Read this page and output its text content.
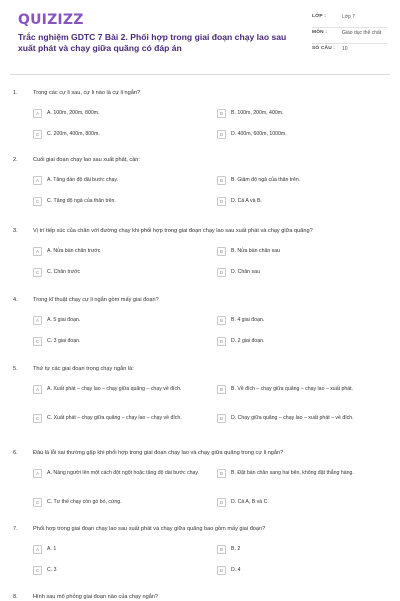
QUIZIZZ
Trắc nghiệm GDTC 7 Bài 2. Phối hợp trong giai đoạn chạy lao sau xuất phát và chạy giữa quãng có đáp án
LỚP :	Lớp 7
MÔN :	Giáo dục thể chất
SỐ CÂU :	10
1.	Trong các cự li sau, cự li nào là cự li ngắn?
A	A. 100m, 200m, 800m.	B	B. 100m, 200m, 400m.
C	C. 200m, 400m, 800m.	D	D. 400m, 600m, 1000m.
2.	Cuối giai đoạn chạy lao sau xuất phát, cần:
A	A. Tăng dần độ dài bước chạy.	B	B. Giảm độ ngả của thân trên.
C	C. Tăng độ ngả của thân trên.	D	D. Cả A và B.
3.	Vị trí tiếp xúc của chân với đường chạy khi phối hợp trong giai đoạn chạy lao sau xuất phát và chạy giữa quãng?
A	A. Nửa bàn chân trước	B	B. Nửa bàn chân sau
C	C. Chân trước	D	D. Chân sau
4.	Trong kĩ thuật chạy cự li ngắn gồm mấy giai đoạn?
A	A. 5 giai đoạn.	B	B. 4 giai đoạn.
C	C. 3 giai đoạn.	D	D. 2 giai đoạn.
5.	Thứ tự các giai đoạn trong chạy ngắn là:
A	A. Xuất phát – chạy lao – chạy giữa quãng – chạy về đích.	B	B. Về đích – chạy giữa quãng – chạy lao – xuất phát.
C	C. Xuất phát – chạy giữa quãng – chạy lao – chạy về đích.	D	D. Chạy giữa quãng – chạy lao – xuất phát – về đích.
6.	Đâu là lỗi sai thường gặp khi phối hợp trong giai đoạn chạy lao và chạy giữa quãng trong cự li ngắn?
A	A. Nâng người lên một cách đột ngột hoặc tăng độ dài bước chạy.	B	B. Đặt bàn chân sang hai bên, không đặt thẳng hàng.
C	C. Tư thế chạy còn gò bó, cứng.	D	D. Cả A, B và C.
7.	Phối hợp trong giai đoạn chạy lao sau xuất phát và chạy giữa quãng bao gồm mấy giai đoạn?
A	A. 1	B	B. 2
C	C. 3	D	D. 4
8.	Hình sau mô phỏng giai đoạn nào của chạy ngắn?
